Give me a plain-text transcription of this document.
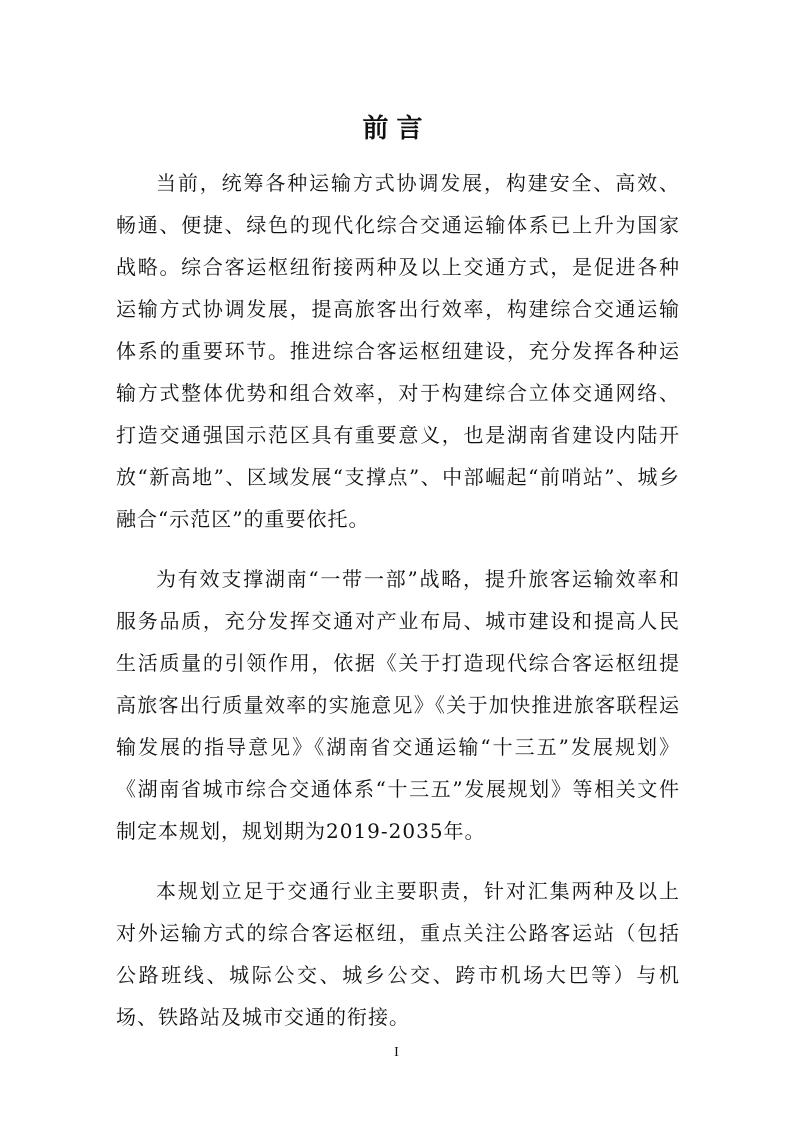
前言

当前，统筹各种运输方式协调发展，构建安全、高效、畅通、便捷、绿色的现代化综合交通运输体系已上升为国家战略。综合客运枢纽衔接两种及以上交通方式，是促进各种运输方式协调发展，提高旅客出行效率，构建综合交通运输体系的重要环节。推进综合客运枢纽建设，充分发挥各种运输方式整体优势和组合效率，对于构建综合立体交通网络、打造交通强国示范区具有重要意义，也是湖南省建设内陆开放“新高地”、区域发展“支撑点”、中部崛起“前哨站”、城乡融合“示范区”的重要依托。

为有效支撑湖南“一带一部”战略，提升旅客运输效率和服务品质，充分发挥交通对产业布局、城市建设和提高人民生活质量的引领作用，依据《关于打造现代综合客运枢纽提高旅客出行质量效率的实施意见》《关于加快推进旅客联程运输发展的指导意见》《湖南省交通运输“十三五”发展规划》《湖南省城市综合交通体系“十三五”发展规划》等相关文件制定本规划，规划期为2019-2035年。

本规划立足于交通行业主要职责，针对汇集两种及以上对外运输方式的综合客运枢纽，重点关注公路客运站（包括公路班线、城际公交、城乡公交、跨市机场大巴等）与机场、铁路站及城市交通的衔接。

I
